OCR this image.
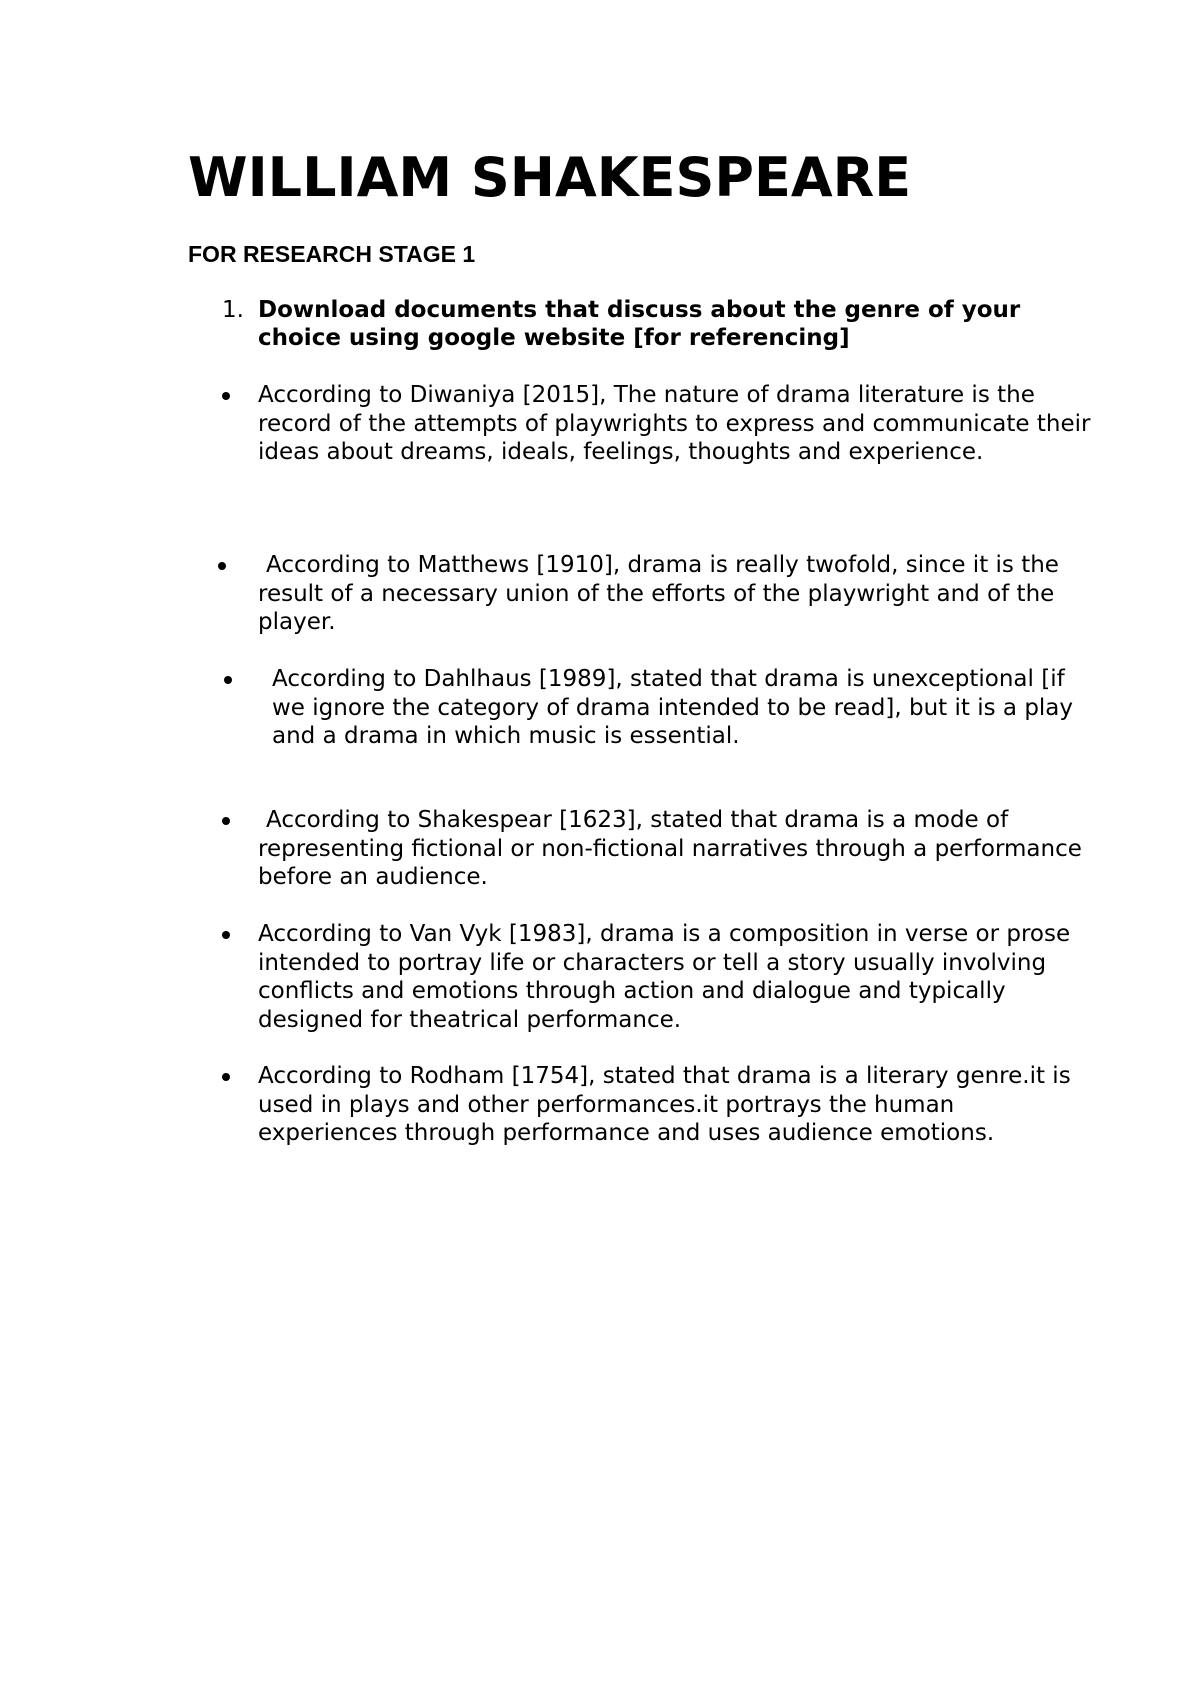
WILLIAM SHAKESPEARE
FOR RESEARCH STAGE 1
1. Download documents that discuss about the genre of your choice using google website [for referencing]
According to Diwaniya [2015], The nature of drama literature is the record of the attempts of playwrights to express and communicate their ideas about dreams, ideals, feelings, thoughts and experience.
According to Matthews [1910], drama is really twofold, since it is the result of a necessary union of the efforts of the playwright and of the player.
According to Dahlhaus [1989], stated that drama is unexceptional [if we ignore the category of drama intended to be read], but it is a play and a drama in which music is essential.
According to Shakespear [1623], stated that drama is a mode of representing fictional or non-fictional narratives through a performance before an audience.
According to Van Vyk [1983], drama is a composition in verse or prose intended to portray life or characters or tell a story usually involving conflicts and emotions through action and dialogue and typically designed for theatrical performance.
According to Rodham [1754], stated that drama is a literary genre.it is used in plays and other performances.it portrays the human experiences through performance and uses audience emotions.
